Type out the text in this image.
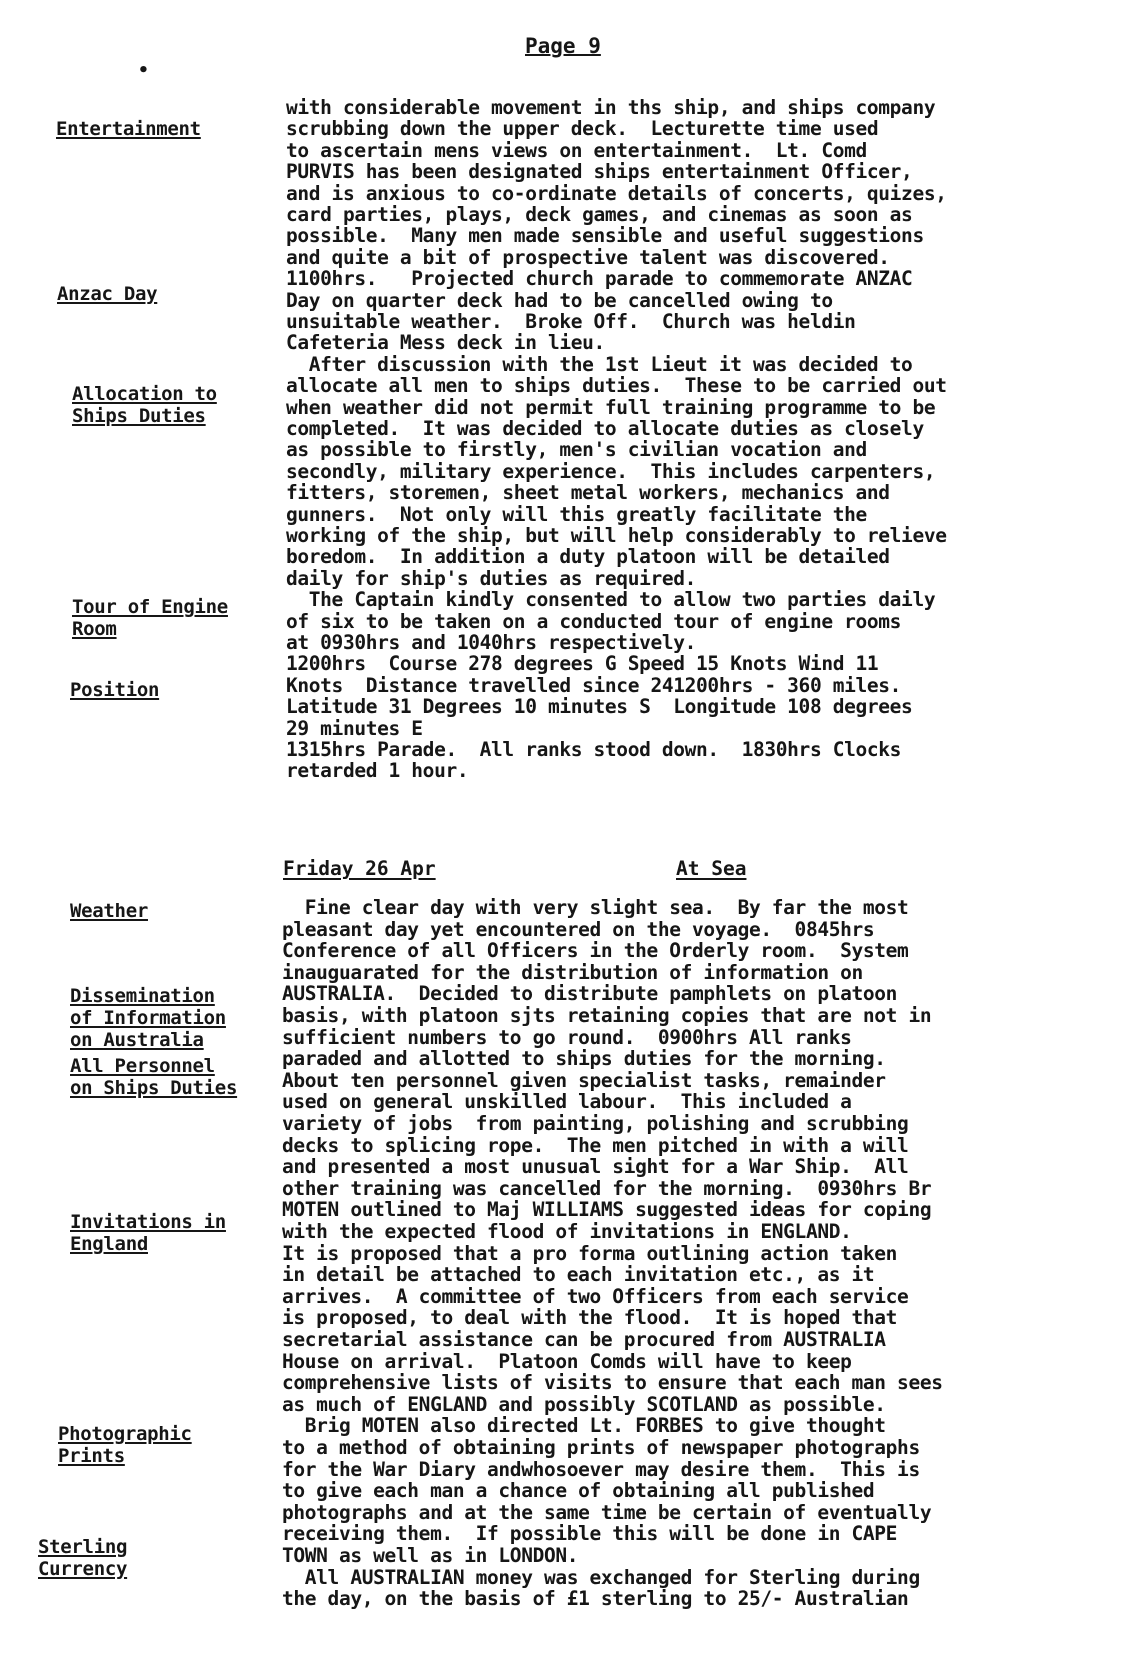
Page 9
•
Entertainment
Anzac Day
Allocation to
Ships Duties
Tour of Engine
Room
Position
with considerable movement in ths ship, and ships company
scrubbing down the upper deck.  Lecturette time used
to ascertain mens views on entertainment.  Lt. Comd
PURVIS has been designated ships entertainment Officer,
and is anxious to co-ordinate details of concerts, quizes,
card parties, plays, deck games, and cinemas as soon as
possible.  Many men made sensible and useful suggestions
and quite a bit of prospective talent was discovered.
1100hrs.   Projected church parade to commemorate ANZAC
Day on quarter deck had to be cancelled owing to
unsuitable weather.  Broke Off.  Church was heldin
Cafeteria Mess deck in lieu.
After discussion with the 1st Lieut it was decided to
allocate all men to ships duties.  These to be carried out
when weather did not permit full training programme to be
completed.  It was decided to allocate duties as closely
as possible to firstly, men's civilian vocation and
secondly, military experience.  This includes carpenters,
fitters, storemen, sheet metal workers, mechanics and
gunners.  Not only will this greatly facilitate the
working of the ship, but will help considerably to relieve
boredom.  In addition a duty platoon will be detailed
daily for ship's duties as required.
The Captain kindly consented to allow two parties daily
of six to be taken on a conducted tour of engine rooms
at 0930hrs and 1040hrs respectively.
1200hrs  Course 278 degrees G Speed 15 Knots Wind 11
Knots  Distance travelled since 241200hrs - 360 miles.
Latitude 31 Degrees 10 minutes S  Longitude 108 degrees
29 minutes E
1315hrs Parade.  All ranks stood down.  1830hrs Clocks
retarded 1 hour.
Friday 26 Apr	At Sea
Weather
Dissemination
of Information
on Australia
All Personnel
on Ships Duties
Invitations in
England
Photographic
Prints
Sterling
Currency
Fine clear day with very slight sea.  By far the most
pleasant day yet encountered on the voyage.  0845hrs
Conference of all Officers in the Orderly room.  System
inauguarated for the distribution of information on
AUSTRALIA.  Decided to distribute pamphlets on platoon
basis, with platoon sjts retaining copies that are not in
sufficient numbers to go round.  0900hrs All ranks
paraded and allotted to ships duties for the morning.
About ten personnel given specialist tasks, remainder
used on general unskilled labour.  This included a
variety of jobs  from painting, polishing and scrubbing
decks to splicing rope.  The men pitched in with a will
and presented a most unusual sight for a War Ship.  All
other training was cancelled for the morning.  0930hrs Br
MOTEN outlined to Maj WILLIAMS suggested ideas for coping
with the expected flood of invitations in ENGLAND.
It is proposed that a pro forma outlining action taken
in detail be attached to each invitation etc., as it
arrives.  A committee of two Officers from each service
is proposed, to deal with the flood.  It is hoped that
secretarial assistance can be procured from AUSTRALIA
House on arrival.  Platoon Comds will have to keep
comprehensive lists of visits to ensure that each man sees
as much of ENGLAND and possibly SCOTLAND as possible.
Brig MOTEN also directed Lt. FORBES to give thought
to a method of obtaining prints of newspaper photographs
for the War Diary andwhosoever may desire them.  This is
to give each man a chance of obtaining all published
photographs and at the same time be certain of eventually
receiving them.  If possible this will be done in CAPE
TOWN as well as in LONDON.
All AUSTRALIAN money was exchanged for Sterling during
the day, on the basis of £1 sterling to 25/- Australian
